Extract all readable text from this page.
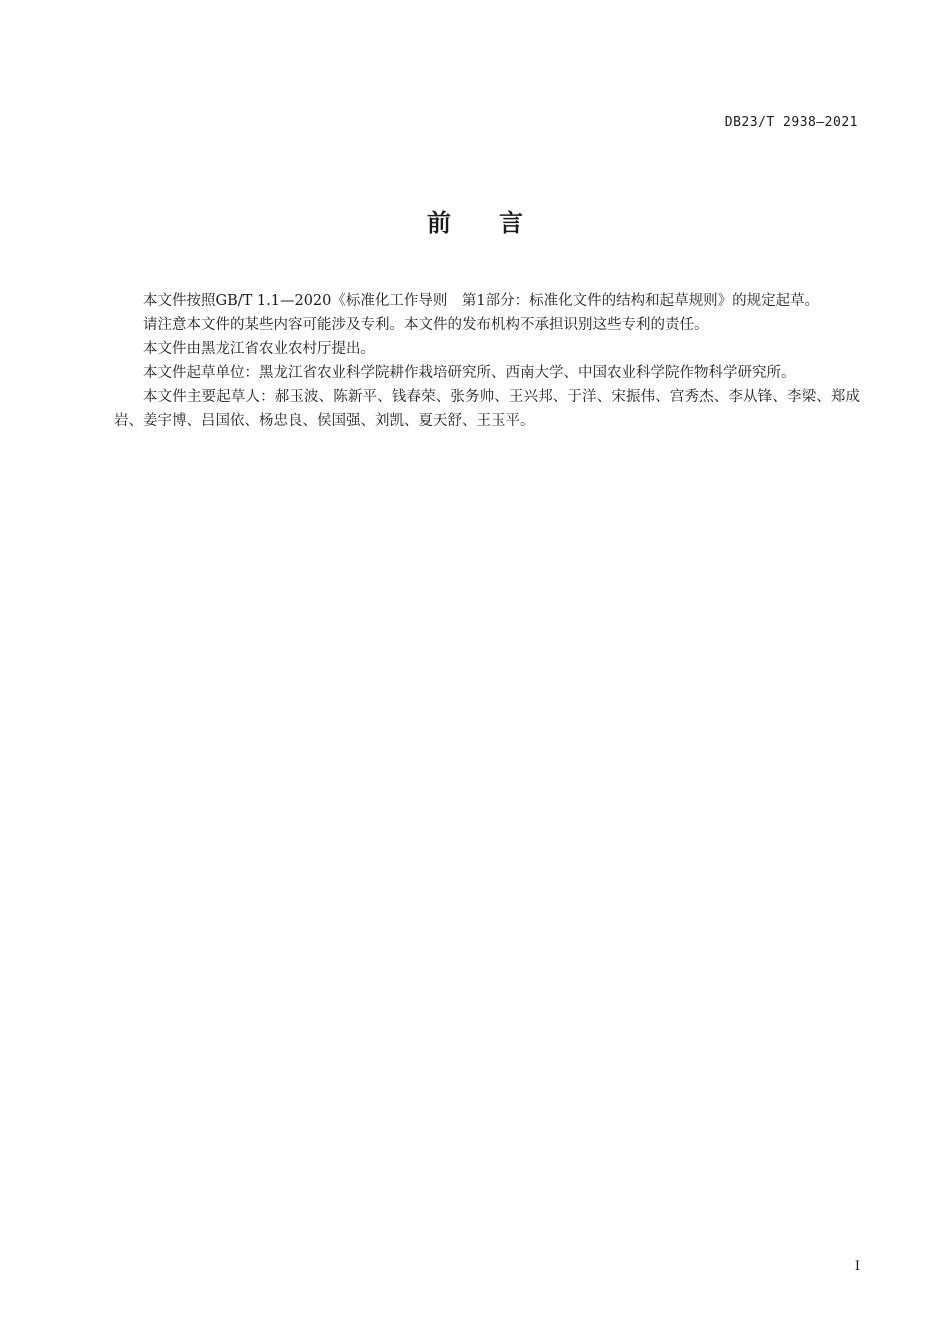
DB23/T 2938—2021
前言

本文件按照GB/T 1.1—2020《标准化工作导则　第1部分：标准化文件的结构和起草规则》的规定起草。

请注意本文件的某些内容可能涉及专利。本文件的发布机构不承担识别这些专利的责任。

本文件由黑龙江省农业农村厅提出。

本文件起草单位：黑龙江省农业科学院耕作栽培研究所、西南大学、中国农业科学院作物科学研究所。

本文件主要起草人：郝玉波、陈新平、钱春荣、张务帅、王兴邦、于洋、宋振伟、宫秀杰、李从锋、李梁、郑成岩、姜宇博、吕国依、杨忠良、侯国强、刘凯、夏天舒、王玉平。

I
